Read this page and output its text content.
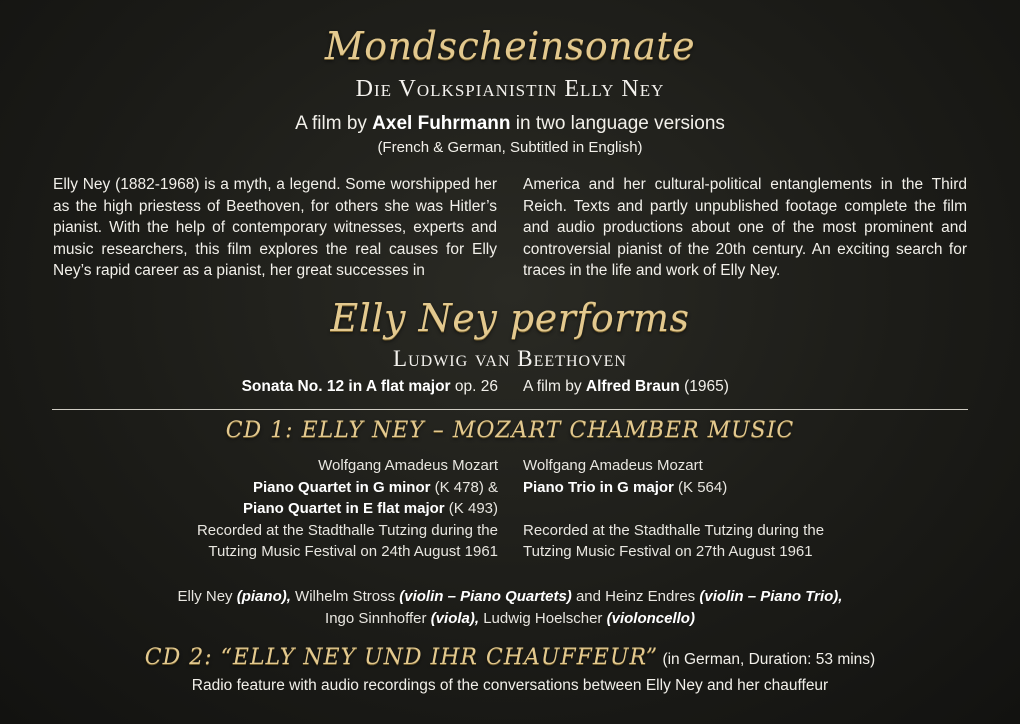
Mondscheinsonate
Die Volkspianistin Elly Ney
A film by Axel Fuhrmann in two language versions
(French & German, Subtitled in English)
Elly Ney (1882-1968) is a myth, a legend. Some worshipped her as the high priestess of Beethoven, for others she was Hitler’s pianist. With the help of contemporary witnesses, experts and music researchers, this film explores the real causes for Elly Ney’s rapid career as a pianist, her great successes in
America and her cultural-political entanglements in the Third Reich. Texts and partly unpublished footage complete the film and audio productions about one of the most prominent and controversial pianist of the 20th century. An exciting search for traces in the life and work of Elly Ney.
Elly Ney performs
Ludwig van Beethoven
Sonata No. 12 in A flat major op. 26 A film by Alfred Braun (1965)
CD 1: ELLY NEY – MOZART CHAMBER MUSIC
Wolfgang Amadeus Mozart
Piano Quartet in G minor (K 478) &
Piano Quartet in E flat major (K 493)
Recorded at the Stadthalle Tutzing during the
Tutzing Music Festival on 24th August 1961
Wolfgang Amadeus Mozart
Piano Trio in G major (K 564)
Recorded at the Stadthalle Tutzing during the
Tutzing Music Festival on 27th August 1961
Elly Ney (piano), Wilhelm Stross (violin – Piano Quartets) and Heinz Endres (violin – Piano Trio),
Ingo Sinnhoffer (viola), Ludwig Hoelscher (violoncello)
CD 2: “ELLY NEY UND IHR CHAUFFEUR” (in German, Duration: 53 mins)
Radio feature with audio recordings of the conversations between Elly Ney and her chauffeur
